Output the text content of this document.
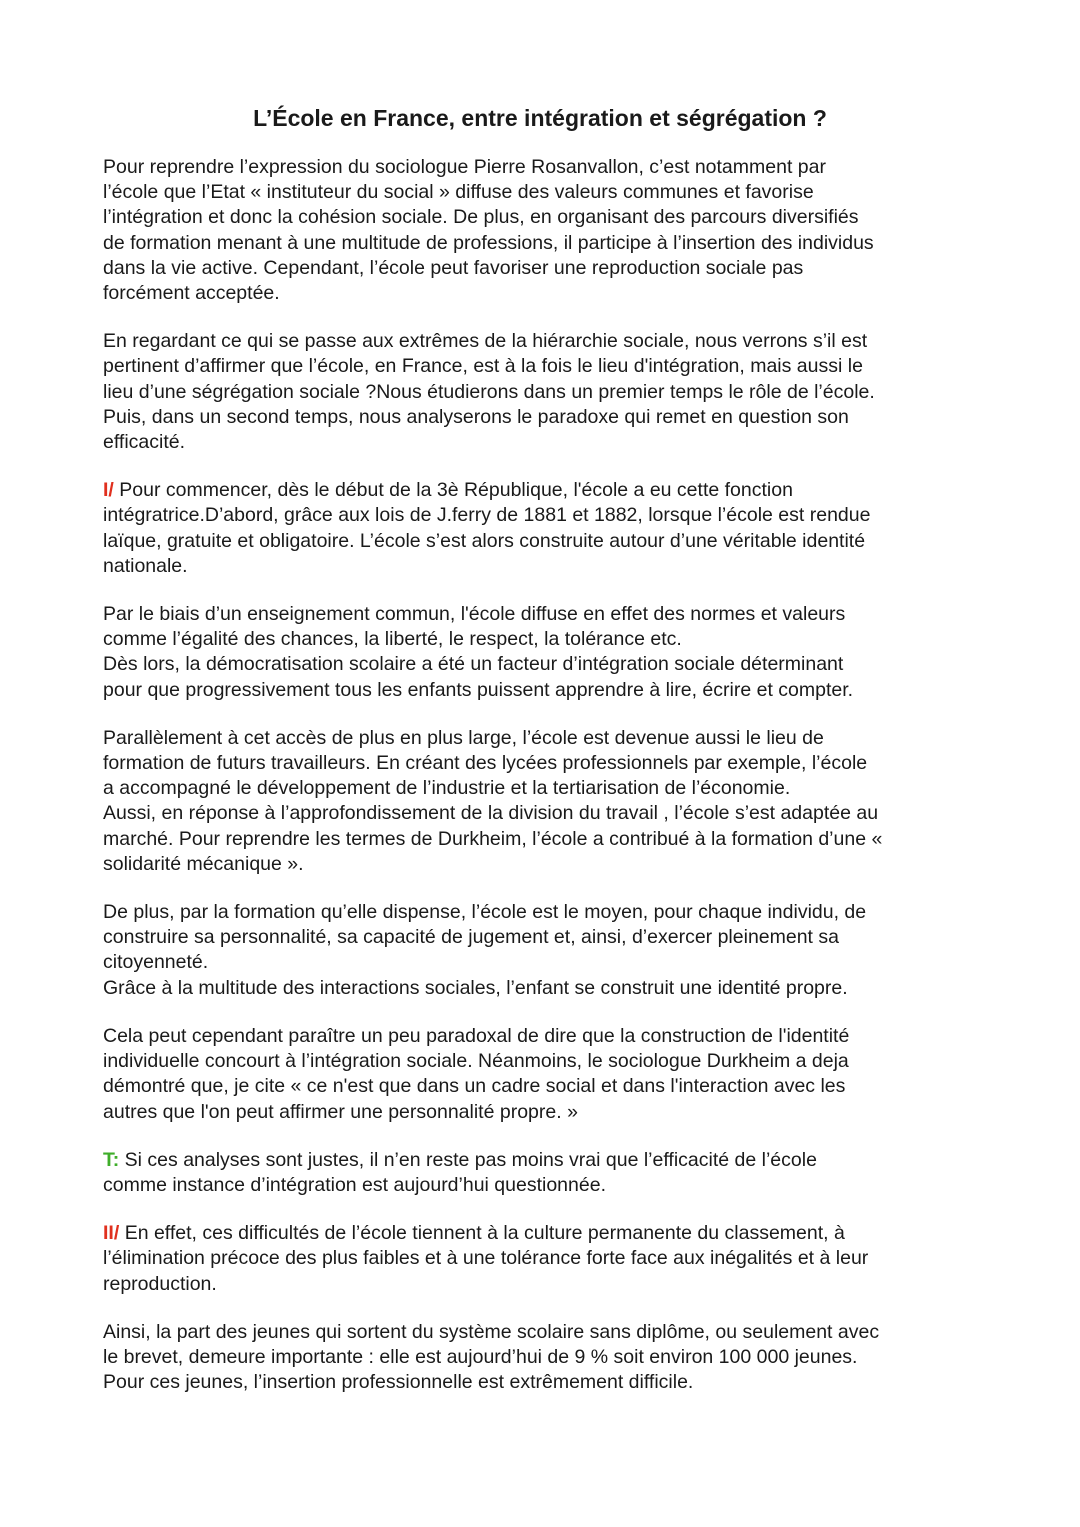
L’École en France, entre intégration et ségrégation ?

Pour reprendre l’expression du sociologue Pierre Rosanvallon, c’est notamment par
l’école que l’Etat « instituteur du social » diffuse des valeurs communes et favorise
l’intégration et donc la cohésion sociale. De plus, en organisant des parcours diversifiés
de formation menant à une multitude de professions, il participe à l’insertion des individus
dans la vie active. Cependant, l’école peut favoriser une reproduction sociale pas
forcément acceptée.

En regardant ce qui se passe aux extrêmes de la hiérarchie sociale, nous verrons s’il est
pertinent d’affirmer que l’école, en France, est à la fois le lieu d'intégration, mais aussi le
lieu d’une ségrégation sociale ?Nous étudierons dans un premier temps le rôle de l’école.
Puis, dans un second temps, nous analyserons le paradoxe qui remet en question son
efficacité.

I/ Pour commencer, dès le début de la 3è République, l'école a eu cette fonction
intégratrice.D’abord, grâce aux lois de J.ferry de 1881 et 1882, lorsque l’école est rendue
laïque, gratuite et obligatoire. L’école s’est alors construite autour d’une véritable identité
nationale.

Par le biais d’un enseignement commun, l'école diffuse en effet des normes et valeurs
comme l’égalité des chances, la liberté, le respect, la tolérance etc.
Dès lors, la démocratisation scolaire a été un facteur d’intégration sociale déterminant
pour que progressivement tous les enfants puissent apprendre à lire, écrire et compter.

Parallèlement à cet accès de plus en plus large, l’école est devenue aussi le lieu de
formation de futurs travailleurs. En créant des lycées professionnels par exemple, l’école
a accompagné le développement de l’industrie et la tertiarisation de l’économie.
Aussi, en réponse à l’approfondissement de la division du travail , l’école s’est adaptée au
marché. Pour reprendre les termes de Durkheim, l’école a contribué à la formation d’une «
solidarité mécanique ».

De plus, par la formation qu’elle dispense, l’école est le moyen, pour chaque individu, de
construire sa personnalité, sa capacité de jugement et, ainsi, d’exercer pleinement sa
citoyenneté.
Grâce à la multitude des interactions sociales, l’enfant se construit une identité propre.

Cela peut cependant paraître un peu paradoxal de dire que la construction de l'identité
individuelle concourt à l’intégration sociale. Néanmoins, le sociologue Durkheim a deja
démontré que, je cite « ce n'est que dans un cadre social et dans l'interaction avec les
autres que l'on peut affirmer une personnalité propre. »

T: Si ces analyses sont justes, il n’en reste pas moins vrai que l’efficacité de l’école
comme instance d’intégration est aujourd’hui questionnée.

II/ En effet, ces difficultés de l’école tiennent à la culture permanente du classement, à
l’élimination précoce des plus faibles et à une tolérance forte face aux inégalités et à leur
reproduction.

Ainsi, la part des jeunes qui sortent du système scolaire sans diplôme, ou seulement avec
le brevet, demeure importante : elle est aujourd’hui de 9 % soit environ 100 000 jeunes.
Pour ces jeunes, l’insertion professionnelle est extrêmement difficile.
